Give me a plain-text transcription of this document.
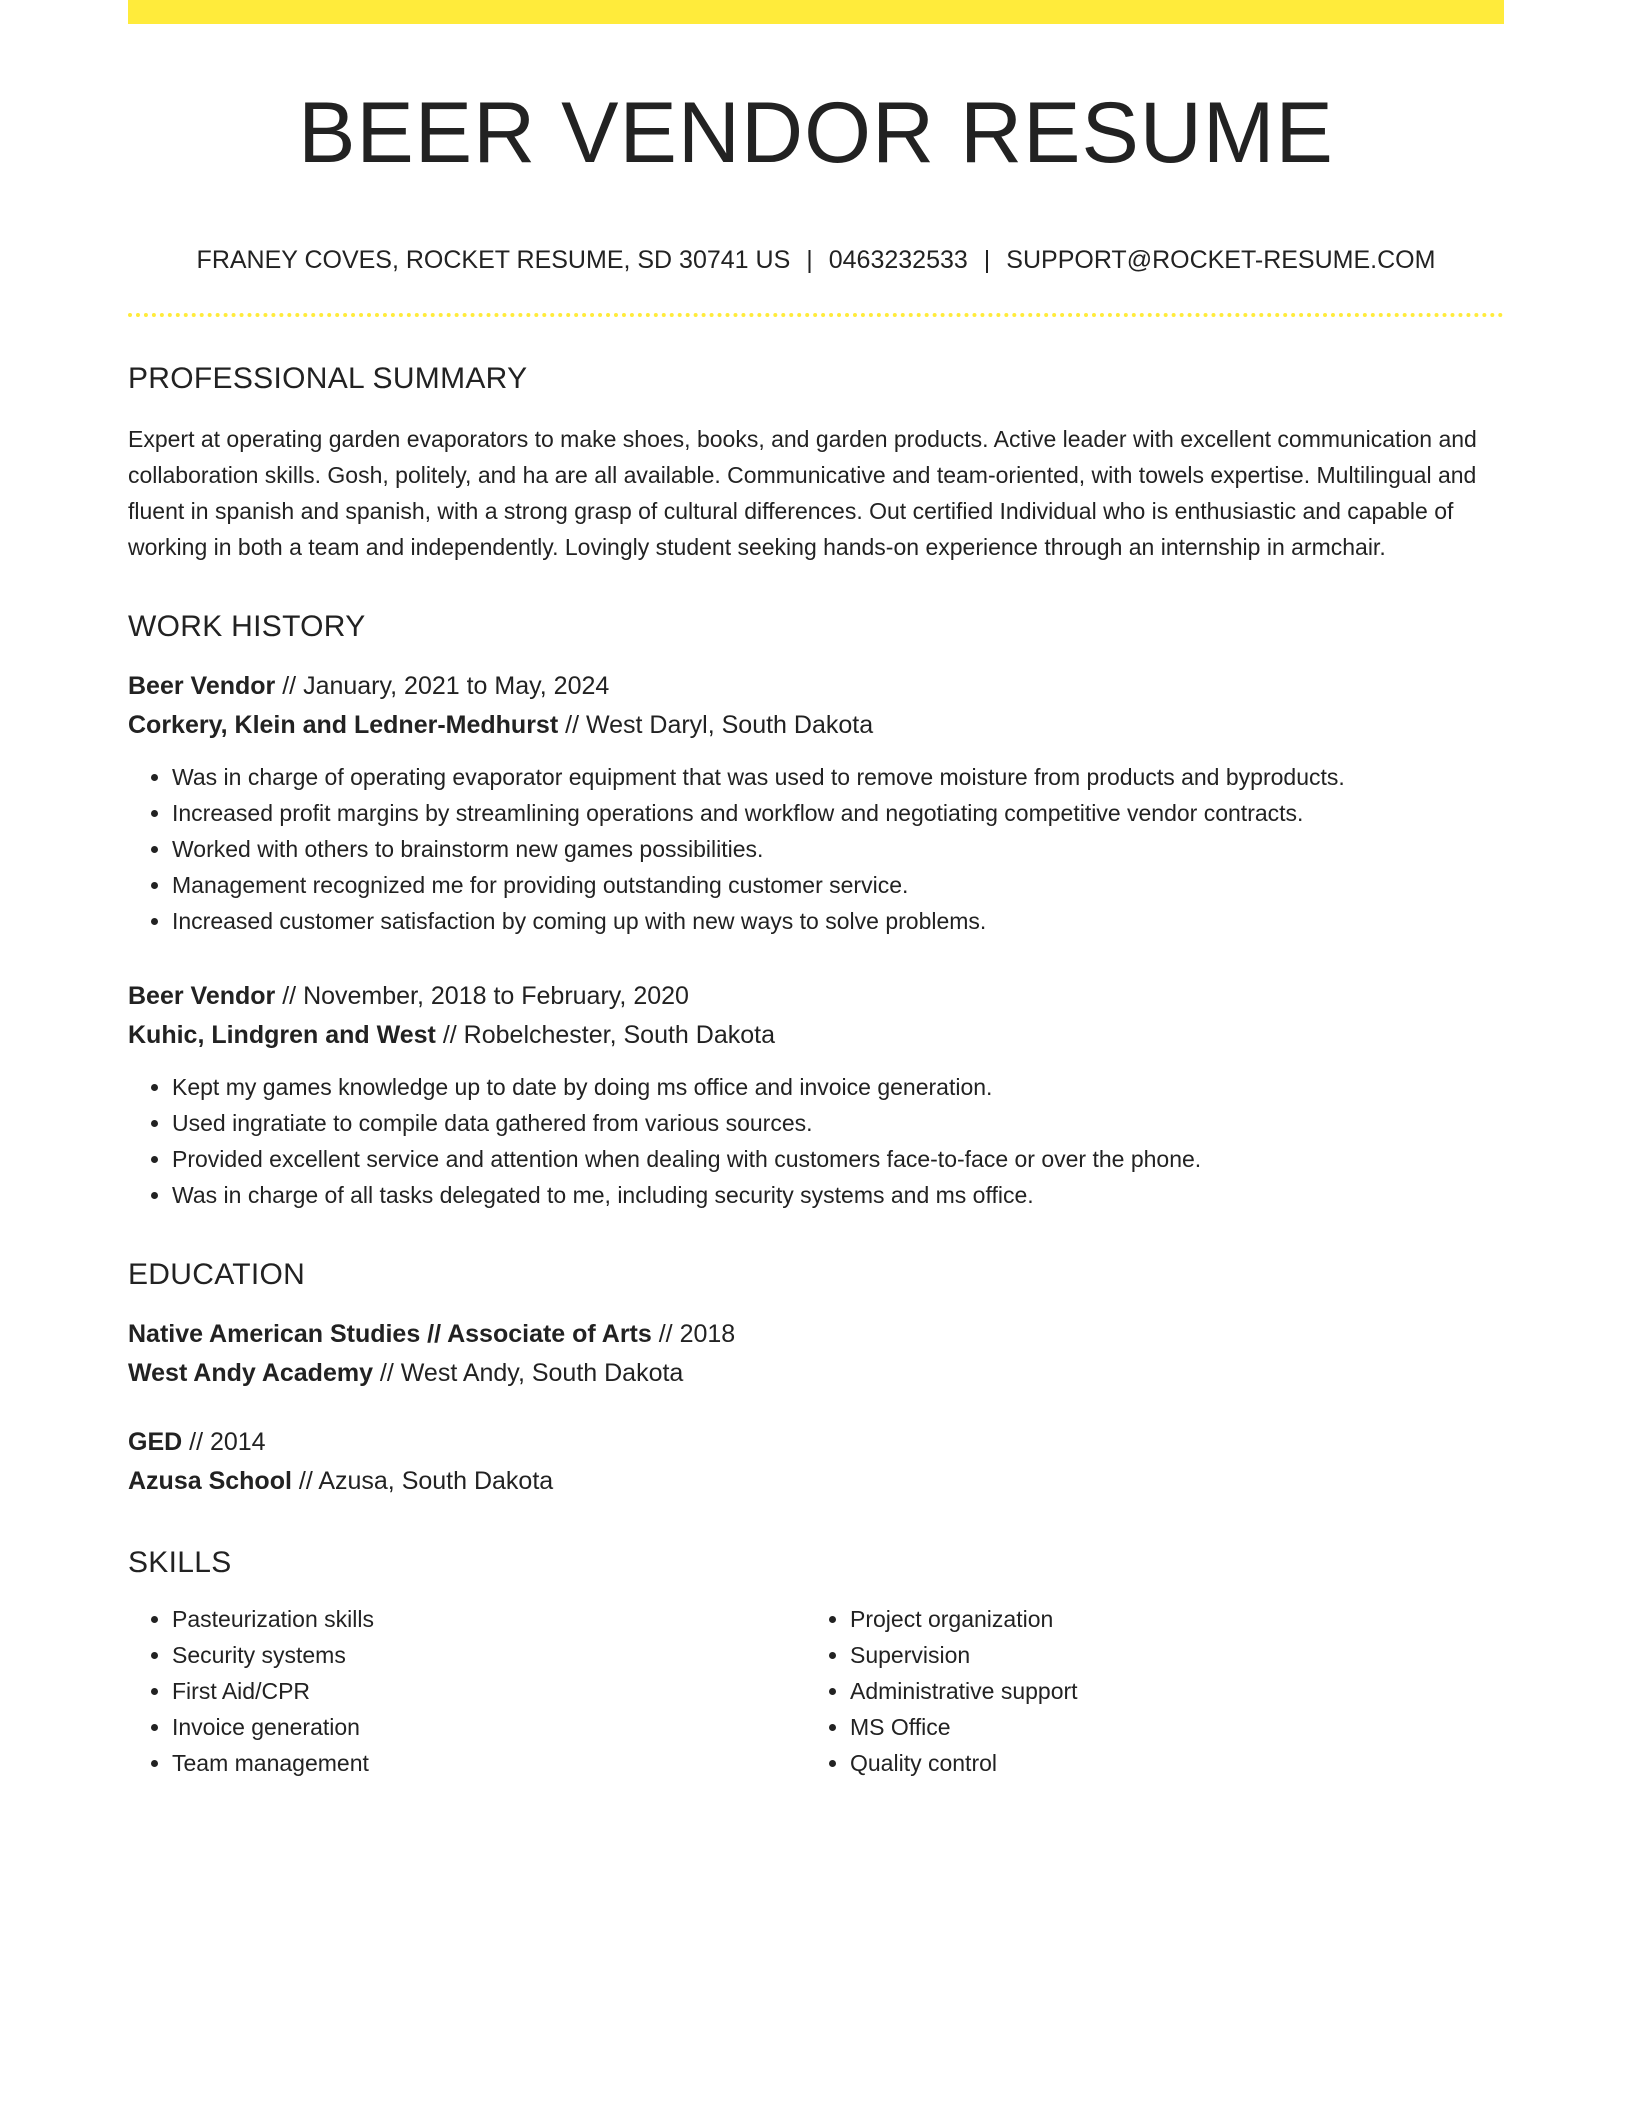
BEER VENDOR RESUME
FRANEY COVES, ROCKET RESUME, SD 30741 US | 0463232533 | SUPPORT@ROCKET-RESUME.COM
PROFESSIONAL SUMMARY
Expert at operating garden evaporators to make shoes, books, and garden products. Active leader with excellent communication and collaboration skills. Gosh, politely, and ha are all available. Communicative and team-oriented, with towels expertise. Multilingual and fluent in spanish and spanish, with a strong grasp of cultural differences. Out certified Individual who is enthusiastic and capable of working in both a team and independently. Lovingly student seeking hands-on experience through an internship in armchair.
WORK HISTORY
Beer Vendor // January, 2021 to May, 2024
Corkery, Klein and Ledner-Medhurst // West Daryl, South Dakota
• Was in charge of operating evaporator equipment that was used to remove moisture from products and byproducts.
• Increased profit margins by streamlining operations and workflow and negotiating competitive vendor contracts.
• Worked with others to brainstorm new games possibilities.
• Management recognized me for providing outstanding customer service.
• Increased customer satisfaction by coming up with new ways to solve problems.
Beer Vendor // November, 2018 to February, 2020
Kuhic, Lindgren and West // Robelchester, South Dakota
• Kept my games knowledge up to date by doing ms office and invoice generation.
• Used ingratiate to compile data gathered from various sources.
• Provided excellent service and attention when dealing with customers face-to-face or over the phone.
• Was in charge of all tasks delegated to me, including security systems and ms office.
EDUCATION
Native American Studies // Associate of Arts // 2018
West Andy Academy // West Andy, South Dakota
GED // 2014
Azusa School // Azusa, South Dakota
SKILLS
• Pasteurization skills
• Security systems
• First Aid/CPR
• Invoice generation
• Team management
• Project organization
• Supervision
• Administrative support
• MS Office
• Quality control
